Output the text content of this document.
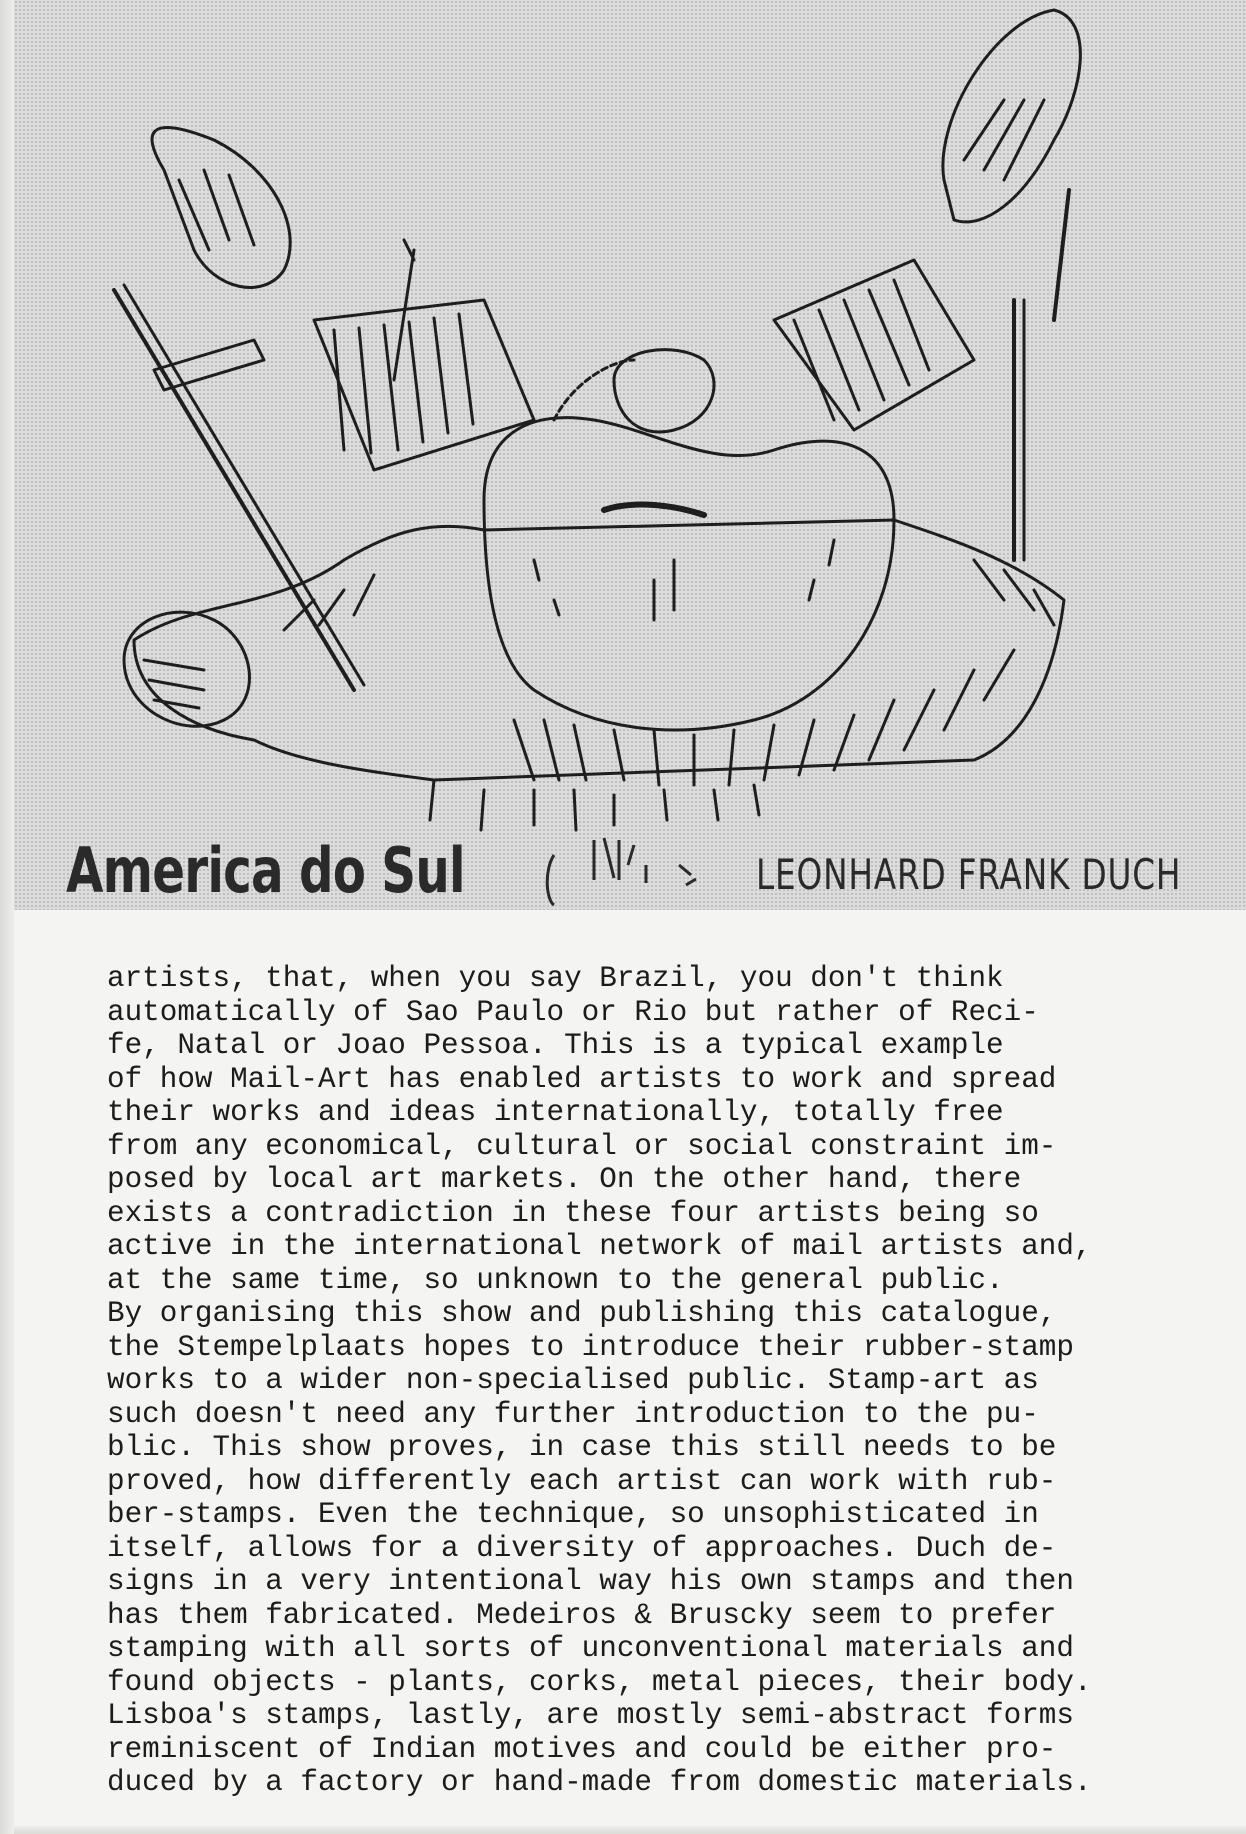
America do Sul	LEONHARD FRANK DUCH
artists, that, when you say Brazil, you don't think
automatically of Sao Paulo or Rio but rather of Reci-
fe, Natal or Joao Pessoa. This is a typical example
of how Mail-Art has enabled artists to work and spread
their works and ideas internationally, totally free
from any economical, cultural or social constraint im-
posed by local art markets. On the other hand, there
exists a contradiction in these four artists being so
active in the international network of mail artists and,
at the same time, so unknown to the general public.
By organising this show and publishing this catalogue,
the Stempelplaats hopes to introduce their rubber-stamp
works to a wider non-specialised public. Stamp-art as
such doesn't need any further introduction to the pu-
blic. This show proves, in case this still needs to be
proved, how differently each artist can work with rub-
ber-stamps. Even the technique, so unsophisticated in
itself, allows for a diversity of approaches. Duch de-
signs in a very intentional way his own stamps and then
has them fabricated. Medeiros & Bruscky seem to prefer
stamping with all sorts of unconventional materials and
found objects - plants, corks, metal pieces, their body.
Lisboa's stamps, lastly, are mostly semi-abstract forms
reminiscent of Indian motives and could be either pro-
duced by a factory or hand-made from domestic materials.
